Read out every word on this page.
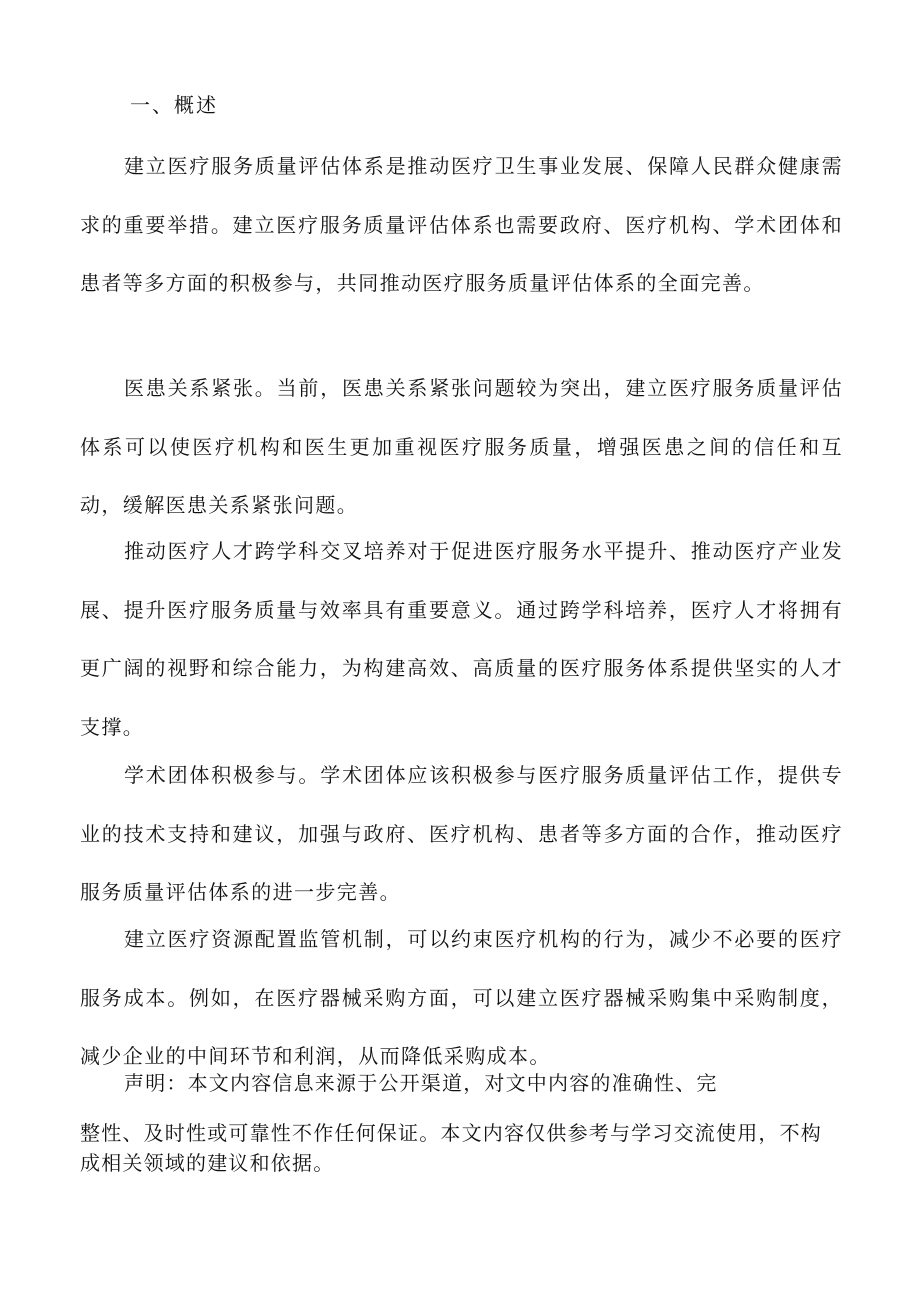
一、概述

建立医疗服务质量评估体系是推动医疗卫生事业发展、保障人民群众健康需求的重要举措。建立医疗服务质量评估体系也需要政府、医疗机构、学术团体和患者等多方面的积极参与，共同推动医疗服务质量评估体系的全面完善。

医患关系紧张。当前，医患关系紧张问题较为突出，建立医疗服务质量评估体系可以使医疗机构和医生更加重视医疗服务质量，增强医患之间的信任和互动，缓解医患关系紧张问题。

推动医疗人才跨学科交叉培养对于促进医疗服务水平提升、推动医疗产业发展、提升医疗服务质量与效率具有重要意义。通过跨学科培养，医疗人才将拥有更广阔的视野和综合能力，为构建高效、高质量的医疗服务体系提供坚实的人才支撑。

学术团体积极参与。学术团体应该积极参与医疗服务质量评估工作，提供专业的技术支持和建议，加强与政府、医疗机构、患者等多方面的合作，推动医疗服务质量评估体系的进一步完善。

建立医疗资源配置监管机制，可以约束医疗机构的行为，减少不必要的医疗服务成本。例如，在医疗器械采购方面，可以建立医疗器械采购集中采购制度，减少企业的中间环节和利润，从而降低采购成本。

声明：本文内容信息来源于公开渠道，对文中内容的准确性、完
整性、及时性或可靠性不作任何保证。本文内容仅供参考与学习交流使用，不构成相关领域的建议和依据。
